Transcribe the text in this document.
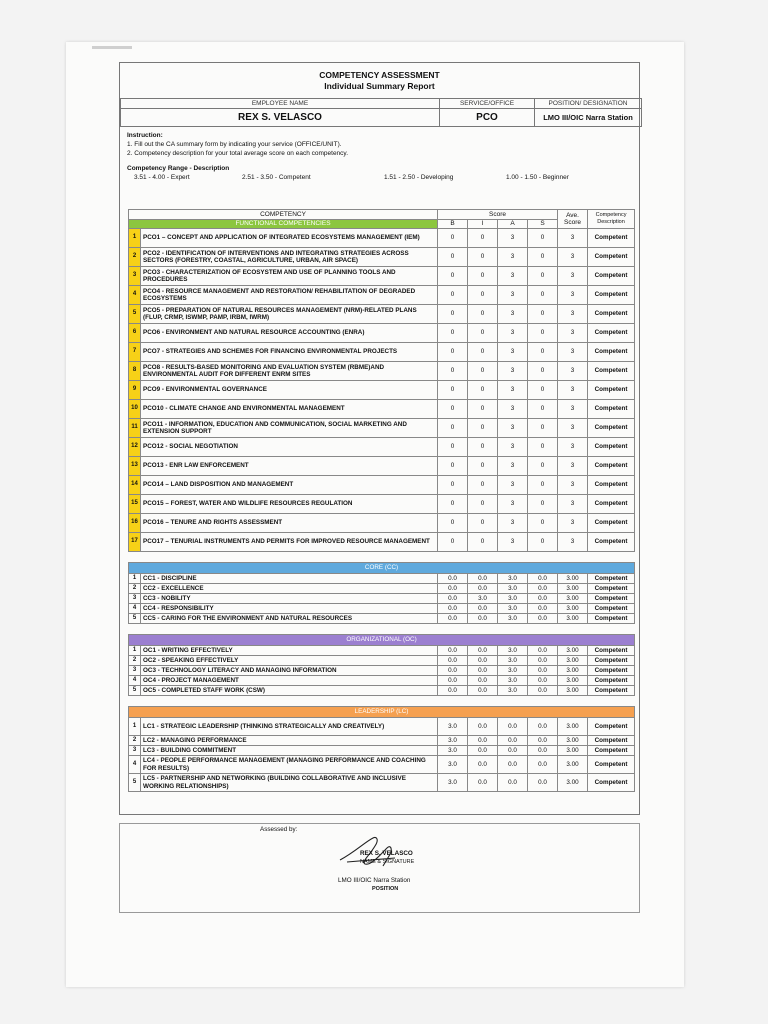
COMPETENCY ASSESSMENT
Individual Summary Report
EMPLOYEE NAME	SERVICE/OFFICE	POSITION/ DESIGNATION
REX S. VELASCO	PCO	LMO III/OIC Narra Station
Instruction:
1. Fill out the CA summary form by indicating your service (OFFICE/UNIT).
2. Competency description for your total average score on each competency.
Competency Range - Description
3.51 - 4.00 - Expert	2.51 - 3.50 - Competent	1.51 - 2.50 - Developing	1.00 - 1.50 - Beginner
COMPETENCY		Score				Ave. Score	Competency Description
FUNCTIONAL COMPETENCIES		B	I	A	S		
1	PCO1 – CONCEPT AND APPLICATION OF INTEGRATED ECOSYSTEMS MANAGEMENT (IEM)	0	0	3	0	3	Competent
2	PCO2 - IDENTIFICATION OF INTERVENTIONS AND INTEGRATING STRATEGIES ACROSS SECTORS (FORESTRY, COASTAL, AGRICULTURE, URBAN, AIR SPACE)	0	0	3	0	3	Competent
3	PCO3 - CHARACTERIZATION OF ECOSYSTEM AND USE OF PLANNING TOOLS AND PROCEDURES	0	0	3	0	3	Competent
4	PCO4 - RESOURCE MANAGEMENT AND RESTORATION/ REHABILITATION OF DEGRADED ECOSYSTEMS	0	0	3	0	3	Competent
5	PCO5 - PREPARATION OF NATURAL RESOURCES MANAGEMENT (NRM)-RELATED PLANS (FLUP, CRMP, ISWMP, PAMP, IRBM, IWRM)	0	0	3	0	3	Competent
6	PCO6 - ENVIRONMENT AND NATURAL RESOURCE ACCOUNTING (ENRA)	0	0	3	0	3	Competent
7	PCO7 - STRATEGIES AND SCHEMES FOR FINANCING ENVIRONMENTAL PROJECTS	0	0	3	0	3	Competent
8	PCO8 - RESULTS-BASED MONITORING AND EVALUATION SYSTEM (RBME)AND ENVIRONMENTAL AUDIT FOR DIFFERENT ENRM SITES	0	0	3	0	3	Competent
9	PCO9 - ENVIRONMENTAL GOVERNANCE	0	0	3	0	3	Competent
10	PCO10 - CLIMATE CHANGE AND ENVIRONMENTAL MANAGEMENT	0	0	3	0	3	Competent
11	PCO11 - INFORMATION, EDUCATION AND COMMUNICATION, SOCIAL MARKETING AND EXTENSION SUPPORT	0	0	3	0	3	Competent
12	PCO12 - SOCIAL NEGOTIATION	0	0	3	0	3	Competent
13	PCO13 - ENR LAW ENFORCEMENT	0	0	3	0	3	Competent
14	PCO14 – LAND DISPOSITION AND MANAGEMENT	0	0	3	0	3	Competent
15	PCO15 – FOREST, WATER AND WILDLIFE RESOURCES REGULATION	0	0	3	0	3	Competent
16	PCO16 – TENURE AND RIGHTS ASSESSMENT	0	0	3	0	3	Competent
17	PCO17 – TENURIAL INSTRUMENTS AND PERMITS FOR IMPROVED RESOURCE MANAGEMENT	0	0	3	0	3	Competent

CORE (CC)							
1	CC1 - DISCIPLINE	0.0	0.0	3.0	0.0	3.00	Competent
2	CC2 - EXCELLENCE	0.0	0.0	3.0	0.0	3.00	Competent
3	CC3 - NOBILITY	0.0	3.0	3.0	0.0	3.00	Competent
4	CC4 - RESPONSIBILITY	0.0	0.0	3.0	0.0	3.00	Competent
5	CC5 - CARING FOR THE ENVIRONMENT AND NATURAL RESOURCES	0.0	0.0	3.0	0.0	3.00	Competent

ORGANIZATIONAL (OC)							
1	OC1 - WRITING EFFECTIVELY	0.0	0.0	3.0	0.0	3.00	Competent
2	OC2 - SPEAKING EFFECTIVELY	0.0	0.0	3.0	0.0	3.00	Competent
3	OC3 - TECHNOLOGY LITERACY AND MANAGING INFORMATION	0.0	0.0	3.0	0.0	3.00	Competent
4	OC4 - PROJECT MANAGEMENT	0.0	0.0	3.0	0.0	3.00	Competent
5	OC5 - COMPLETED STAFF WORK (CSW)	0.0	0.0	3.0	0.0	3.00	Competent

LEADERSHIP (LC)							
1	LC1 - STRATEGIC LEADERSHIP (THINKING STRATEGICALLY AND CREATIVELY)	3.0	0.0	0.0	0.0	3.00	Competent
2	LC2 - MANAGING PERFORMANCE	3.0	0.0	0.0	0.0	3.00	Competent
3	LC3 - BUILDING COMMITMENT	3.0	0.0	0.0	0.0	3.00	Competent
4	LC4 - PEOPLE PERFORMANCE MANAGEMENT (MANAGING PERFORMANCE AND COACHING FOR RESULTS)	3.0	0.0	0.0	0.0	3.00	Competent
5	LC5 - PARTNERSHIP AND NETWORKING (BUILDING COLLABORATIVE AND INCLUSIVE WORKING RELATIONSHIPS)	3.0	0.0	0.0	0.0	3.00	Competent
Assessed by:
REX S. VELASCO
NAME & SIGNATURE
LMO III/OIC Narra Station
POSITION
